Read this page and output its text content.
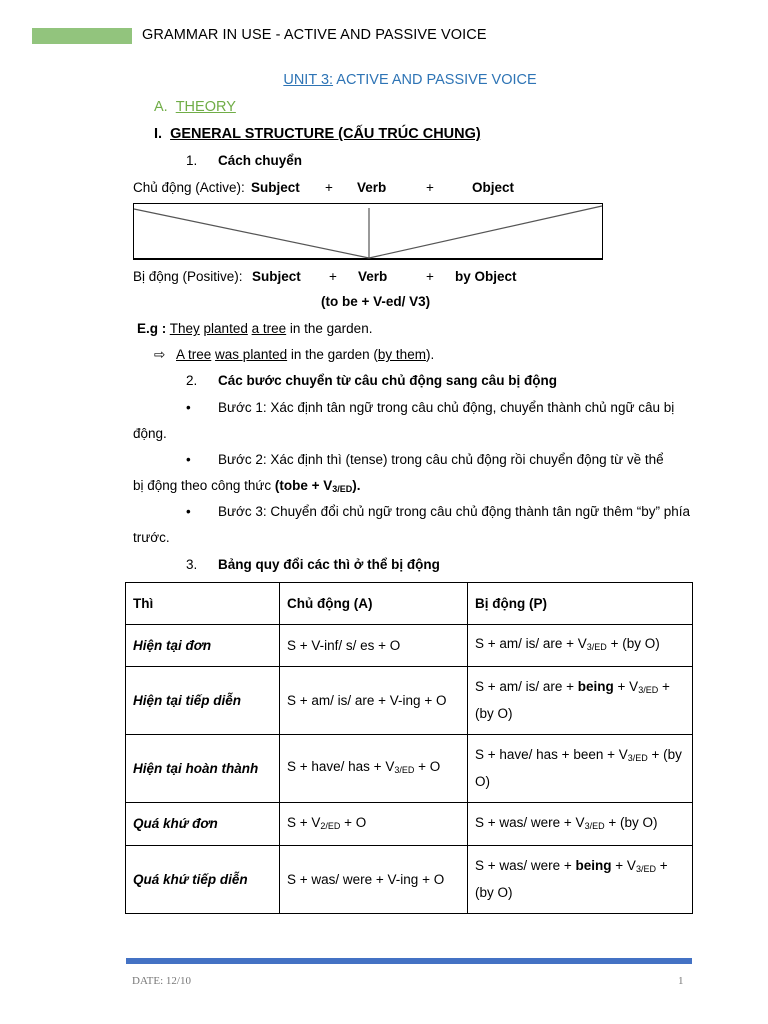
GRAMMAR IN USE - ACTIVE AND PASSIVE VOICE
UNIT 3: ACTIVE AND PASSIVE VOICE
A. THEORY
I. GENERAL STRUCTURE (CẤU TRÚC CHUNG)
1. Cách chuyển
Chủ động (Active): Subject + Verb	+	Object
Bị động (Positive): Subject + Verb	+ by Object
(to be + V-ed/ V3)
E.g : They planted a tree in the garden.
⇨ A tree was planted in the garden (by them).
2. Các bước chuyển từ câu chủ động sang câu bị động
• Bước 1: Xác định tân ngữ trong câu chủ động, chuyển thành chủ ngữ câu bị
động.
• Bước 2: Xác định thì (tense) trong câu chủ động rồi chuyển động từ về thể
bị động theo công thức (tobe + $V_{3/ED}$).
• Bước 3: Chuyển đổi chủ ngữ trong câu chủ động thành tân ngữ thêm “by” phía
trước.
3. Bảng quy đổi các thì ở thể bị động
Thì	Chủ động (A)	Bị động (P)
Hiện tại đơn	S + V-inf/ s/ es + O	S + am/ is/ are + $V_{3/ED} + (by$ O)
Hiện tại tiếp diễn	S + am/ is/ are + V-ing + O	S + am/ is/ are + being + $V_{3/ED} + (by$ O)
Hiện tại hoàn thành	S + have/ has + $V_{3/ED} + O$	S + have/ has + been + $V_{3/ED} + (by$ O)
Quá khứ đơn	$S + V_{2/ED} + O$	S + was/ were + $V_{3/ED} + (by$ O)
Quá khứ tiếp diễn	S + was/ were + V-ing + O	S + was/ were + being + $V_{3/ED} + (by$ O)
DATE: 12/10	1
